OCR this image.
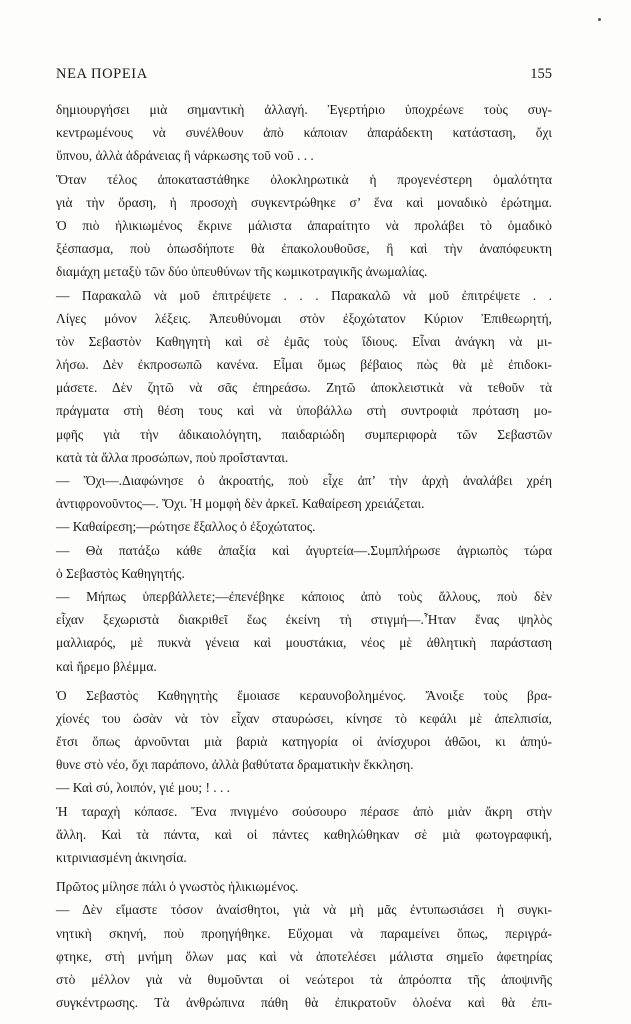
ΝΕΑ ΠΟΡΕΙΑ	155
δημιουργήσει μιὰ σημαντικὴ ἀλλαγή. Ἐγερτήριο ὑποχρέωνε τοὺς συγ-
κεντρωμένους νὰ συνέλθουν ἀπὸ κάποιαν ἀπαράδεκτη κατάσταση, ὄχι
ὕπνου, ἀλλὰ ἀδράνειας ἢ νάρκωσης τοῦ νοῦ . . .
Ὅταν τέλος ἀποκαταστάθηκε ὁλοκληρωτικὰ ἡ προγενέστερη ὁμαλότητα
γιὰ τὴν ὅραση, ἡ προσοχὴ συγκεντρώθηκε σ’ ἕνα καὶ μοναδικὸ ἐρώτημα.
Ὁ πιὸ ἡλικιωμένος ἔκρινε μάλιστα ἀπαραίτητο νὰ προλάβει τὸ ὁμαδικὸ
ξέσπασμα, ποὺ ὁπωσδήποτε θὰ ἐπακολουθοῦσε, ἢ καὶ τὴν ἀναπόφευκτη
διαμάχη μεταξὺ τῶν δύο ὑπευθύνων τῆς κωμικοτραγικῆς ἀνωμαλίας.
— Παρακαλῶ νὰ μοῦ ἐπιτρέψετε . . . Παρακαλῶ νὰ μοῦ ἐπιτρέψετε . .
Λίγες μόνον λέξεις. Ἀπευθύνομαι στὸν ἐξοχώτατον Κύριον Ἐπιθεωρητή,
τὸν Σεβαστὸν Καθηγητὴ καὶ σὲ ἐμᾶς τοὺς ἴδιους. Εἶναι ἀνάγκη νὰ μι-
λήσω. Δὲν ἐκπροσωπῶ κανένα. Εἶμαι ὅμως βέβαιος πὼς θὰ μὲ ἐπιδοκι-
μάσετε. Δὲν ζητῶ νὰ σᾶς ἐπηρεάσω. Ζητῶ ἀποκλειστικὰ νὰ τεθοῦν τὰ
πράγματα στὴ θέση τους καὶ νὰ ὑποβάλλω στὴ συντροφιὰ πρόταση μο-
μφῆς γιὰ τὴν ἀδικαιολόγητη, παιδαριώδη συμπεριφορὰ τῶν Σεβαστῶν
κατὰ τὰ ἄλλα προσώπων, ποὺ προΐστανται.
— Ὄχι—.Διαφώνησε ὁ ἀκροατής, ποὺ εἶχε ἀπ’ τὴν ἀρχὴ ἀναλάβει χρέη
ἀντιφρονοῦντος—. Ὄχι. Ἡ μομφὴ δὲν ἀρκεῖ. Καθαίρεση χρειάζεται.
— Καθαίρεση;—ρώτησε ἔξαλλος ὁ ἐξοχώτατος.
— Θὰ πατάξω κάθε ἀπαξία καὶ ἀγυρτεία—.Συμπλήρωσε ἀγριωπὸς τώρα
ὁ Σεβαστὸς Καθηγητής.
— Μήπως ὑπερβάλλετε;—ἐπενέβηκε κάποιος ἀπὸ τοὺς ἄλλους, ποὺ δὲν
εἶχαν ξεχωριστὰ διακριθεῖ ἕως ἐκείνη τὴ στιγμή—.Ἦταν ἕνας ψηλὸς
μαλλιαρός, μὲ πυκνὰ γένεια καὶ μουστάκια, νέος μὲ ἀθλητικὴ παράσταση
καὶ ἤρεμο βλέμμα.
Ὁ Σεβαστὸς Καθηγητὴς ἔμοιασε κεραυνοβολημένος. Ἄνοιξε τοὺς βρα-
χίονές του ὡσὰν νὰ τὸν εἶχαν σταυρώσει, κίνησε τὸ κεφάλι μὲ ἀπελπισία,
ἔτσι ὅπως ἀρνοῦνται μιὰ βαριὰ κατηγορία οἱ ἀνίσχυροι ἀθῶοι, κι ἀπηύ-
θυνε στὸ νέο, ὄχι παράπονο, ἀλλὰ βαθύτατα δραματικὴν ἔκκληση.
— Καὶ σύ, λοιπόν, γιέ μου; ! . . .
Ἡ ταραχὴ κόπασε. Ἕνα πνιγμένο σούσουρο πέρασε ἀπὸ μιὰν ἄκρη στὴν
ἄλλη. Καὶ τὰ πάντα, καὶ οἱ πάντες καθηλώθηκαν σὲ μιὰ φωτογραφική,
κιτρινιασμένη ἀκινησία.
Πρῶτος μίλησε πάλι ὁ γνωστὸς ἡλικιωμένος.
— Δὲν εἴμαστε τόσον ἀναίσθητοι, γιὰ νὰ μὴ μᾶς ἐντυπωσιάσει ἡ συγκι-
νητικὴ σκηνή, ποὺ προηγήθηκε. Εὔχομαι νὰ παραμείνει ὅπως, περιγρά-
φτηκε, στὴ μνήμη ὅλων μας καὶ νὰ ἀποτελέσει μάλιστα σημεῖο ἀφετηρίας
στὸ μέλλον γιὰ νὰ θυμοῦνται οἱ νεώτεροι τὰ ἀπρόοπτα τῆς ἀποψινῆς
συγκέντρωσης. Τὰ ἀνθρώπινα πάθη θὰ ἐπικρατοῦν ὁλοένα καὶ θὰ ἐπι-
